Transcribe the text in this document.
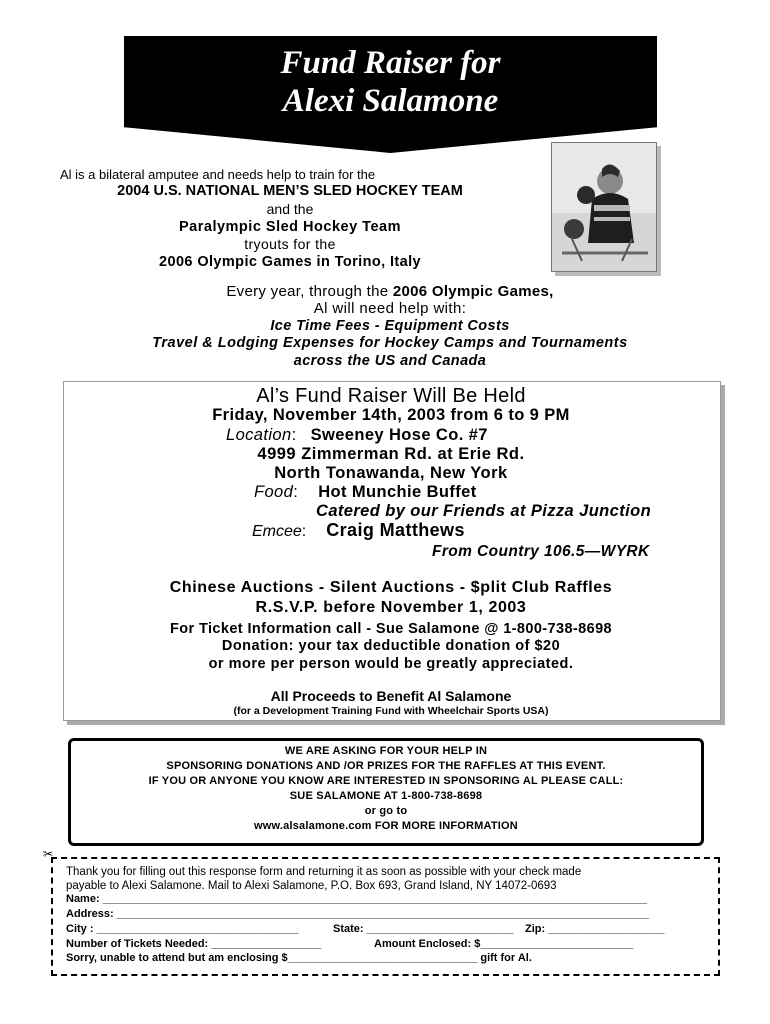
Fund Raiser for
Alexi Salamone
Al is a bilateral amputee and needs help to train for the
2004 U.S. NATIONAL MEN’S SLED HOCKEY TEAM
and the
Paralympic Sled Hockey Team
tryouts for the
2006 Olympic Games in Torino, Italy
Every year, through the 2006 Olympic Games,
Al will need help with:
Ice Time Fees - Equipment Costs
Travel & Lodging Expenses for Hockey Camps and Tournaments
across the US and Canada
Al’s Fund Raiser Will Be Held
Friday, November 14th, 2003 from 6 to 9 PM
Location: Sweeney Hose Co. #7
4999 Zimmerman Rd. at Erie Rd.
North Tonawanda, New York
Food: Hot Munchie Buffet
Catered by our Friends at Pizza Junction
Emcee: Craig Matthews
From Country 106.5—WYRK
Chinese Auctions - Silent Auctions - $plit Club Raffles
R.S.V.P. before November 1, 2003
For Ticket Information call - Sue Salamone @ 1-800-738-8698
Donation: your tax deductible donation of $20
or more per person would be greatly appreciated.
All Proceeds to Benefit Al Salamone
(for a Development Training Fund with Wheelchair Sports USA)
WE ARE ASKING FOR YOUR HELP IN
SPONSORING DONATIONS AND /OR PRIZES FOR THE RAFFLES AT THIS EVENT.
IF YOU OR ANYONE YOU KNOW ARE INTERESTED IN SPONSORING AL PLEASE CALL:
SUE SALAMONE AT 1-800-738-8698
or go to
www.alsalamone.com FOR MORE INFORMATION
✂
Thank you for filling out this response form and returning it as soon as possible with your check made
payable to Alexi Salamone. Mail to Alexi Salamone, P.O. Box 693, Grand Island, NY 14072-0693
Name: _________________________________________________________________________________________
Address: _______________________________________________________________________________________
City : _________________________________	State: ________________________ Zip: ___________________
Number of Tickets Needed: __________________	Amount Enclosed: $_________________________
Sorry, unable to attend but am enclosing $_______________________________ gift for Al.
